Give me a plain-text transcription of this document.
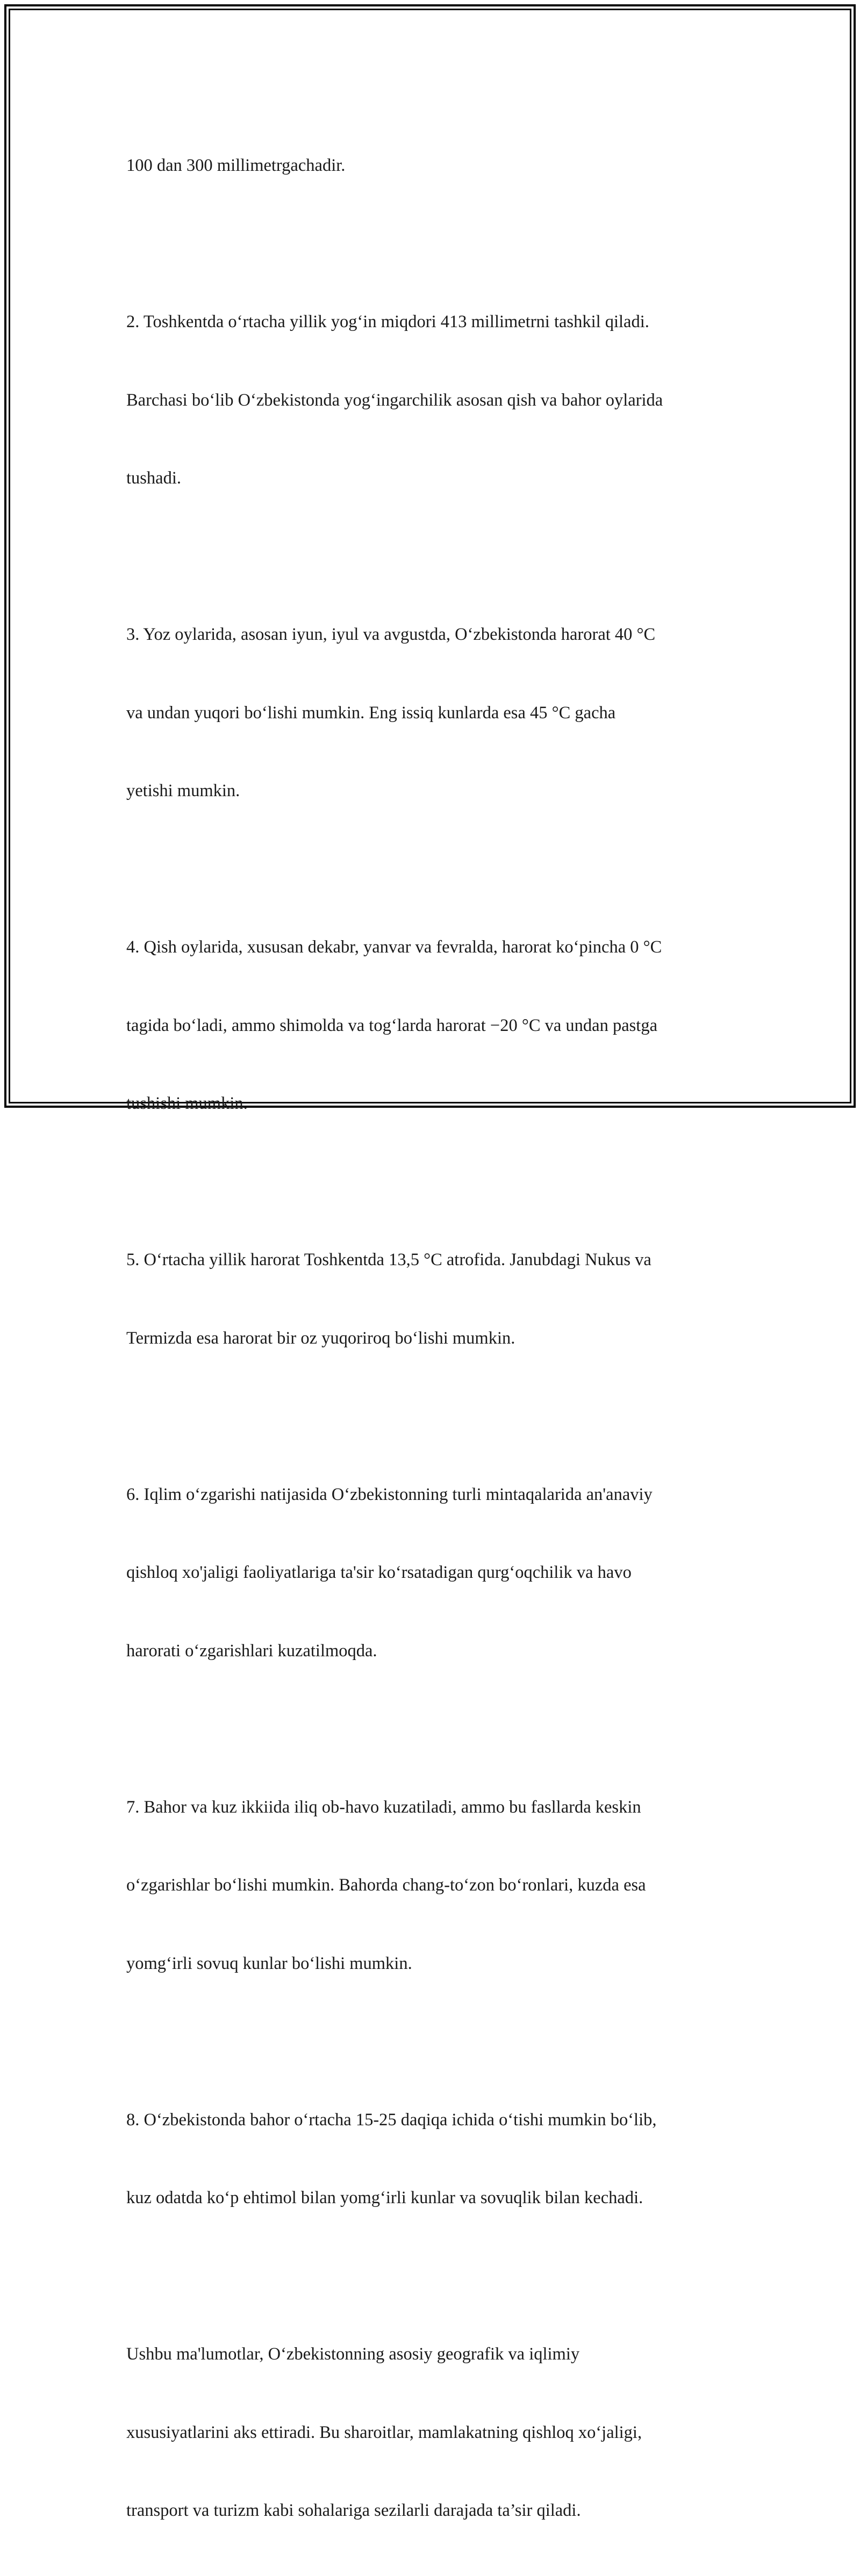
100 dan 300 millimetrgachadir.

2. Toshkentda o‘rtacha yillik yog‘in miqdori 413 millimetrni tashkil qiladi.

Barchasi bo‘lib O‘zbekistonda yog‘ingarchilik asosan qish va bahor oylarida

tushadi.

3. Yoz oylarida, asosan iyun, iyul va avgustda, O‘zbekistonda harorat 40 °C

va undan yuqori bo‘lishi mumkin. Eng issiq kunlarda esa 45 °C gacha

yetishi mumkin.

4. Qish oylarida, xususan dekabr, yanvar va fevralda, harorat ko‘pincha 0 °C

tagida bo‘ladi, ammo shimolda va tog‘larda harorat −20 °C va undan pastga

tushishi mumkin.

5. O‘rtacha yillik harorat Toshkentda 13,5 °C atrofida. Janubdagi Nukus va

Termizda esa harorat bir oz yuqoriroq bo‘lishi mumkin.

6. Iqlim o‘zgarishi natijasida O‘zbekistonning turli mintaqalarida an'anaviy

qishloq xo'jaligi faoliyatlariga ta'sir ko‘rsatadigan qurg‘oqchilik va havo

harorati o‘zgarishlari kuzatilmoqda.

7. Bahor va kuz ikkiida iliq ob-havo kuzatiladi, ammo bu fasllarda keskin

o‘zgarishlar bo‘lishi mumkin. Bahorda chang-to‘zon bo‘ronlari, kuzda esa

yomg‘irli sovuq kunlar bo‘lishi mumkin.

8. O‘zbekistonda bahor o‘rtacha 15-25 daqiqa ichida o‘tishi mumkin bo‘lib,

kuz odatda ko‘p ehtimol bilan yomg‘irli kunlar va sovuqlik bilan kechadi.

Ushbu ma'lumotlar, O‘zbekistonning asosiy geografik va iqlimiy

xususiyatlarini aks ettiradi. Bu sharoitlar, mamlakatning qishloq xo‘jaligi,

transport va turizm kabi sohalariga sezilarli darajada ta’sir qiladi.
